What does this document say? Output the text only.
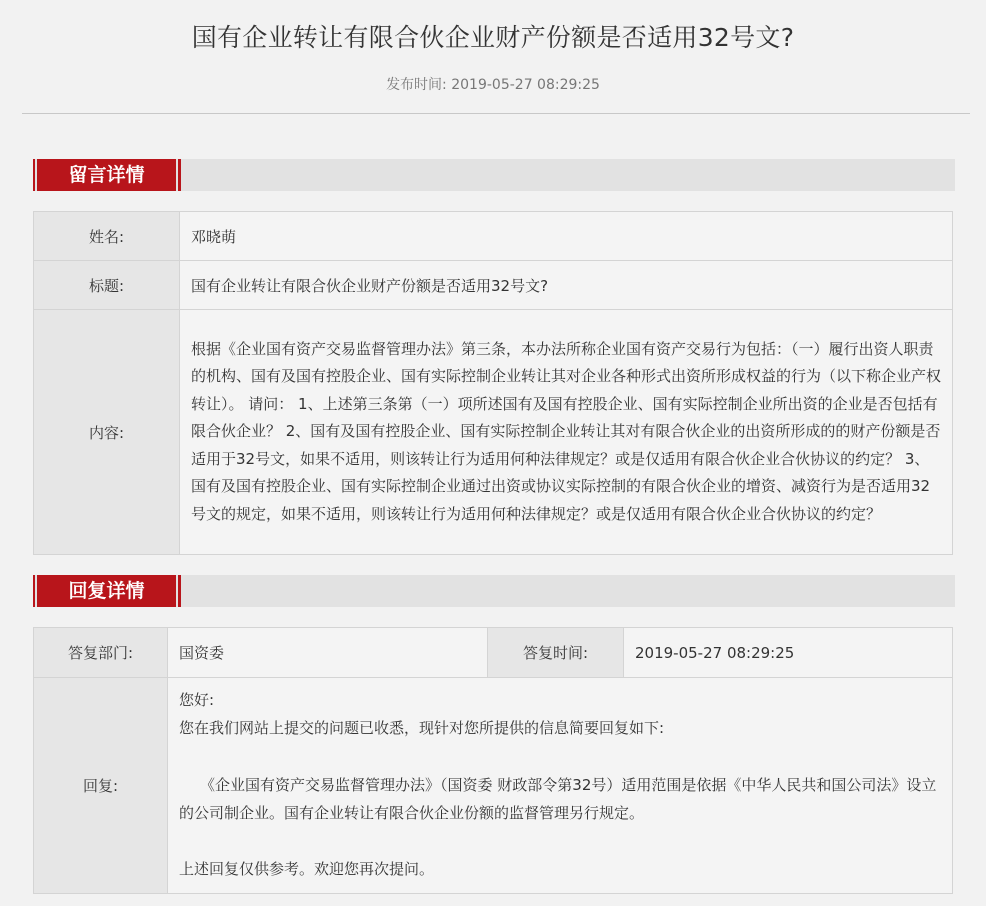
国有企业转让有限合伙企业财产份额是否适用32号文?
发布时间: 2019-05-27 08:29:25
留言详情
姓名:	邓晓萌
标题:	国有企业转让有限合伙企业财产份额是否适用32号文?
内容:	根据《企业国有资产交易监督管理办法》第三条，本办法所称企业国有资产交易行为包括：（一）履行出资人职责的机构、国有及国有控股企业、国有实际控制企业转让其对企业各种形式出资所形成权益的行为（以下称企业产权转让）。 请问： 1、上述第三条第（一）项所述国有及国有控股企业、国有实际控制企业所出资的企业是否包括有限合伙企业？ 2、国有及国有控股企业、国有实际控制企业转让其对有限合伙企业的出资所形成的的财产份额是否适用于32号文，如果不适用，则该转让行为适用何种法律规定？或是仅适用有限合伙企业合伙协议的约定？ 3、国有及国有控股企业、国有实际控制企业通过出资或协议实际控制的有限合伙企业的增资、减资行为是否适用32号文的规定，如果不适用，则该转让行为适用何种法律规定？或是仅适用有限合伙企业合伙协议的约定？
回复详情
答复部门:	国资委	答复时间:	2019-05-27 08:29:25
回复:	您好:
您在我们网站上提交的问题已收悉，现针对您所提供的信息简要回复如下:
《企业国有资产交易监督管理办法》（国资委 财政部令第32号）适用范围是依据《中华人民共和国公司法》设立的公司制企业。国有企业转让有限合伙企业份额的监督管理另行规定。
上述回复仅供参考。欢迎您再次提问。		
